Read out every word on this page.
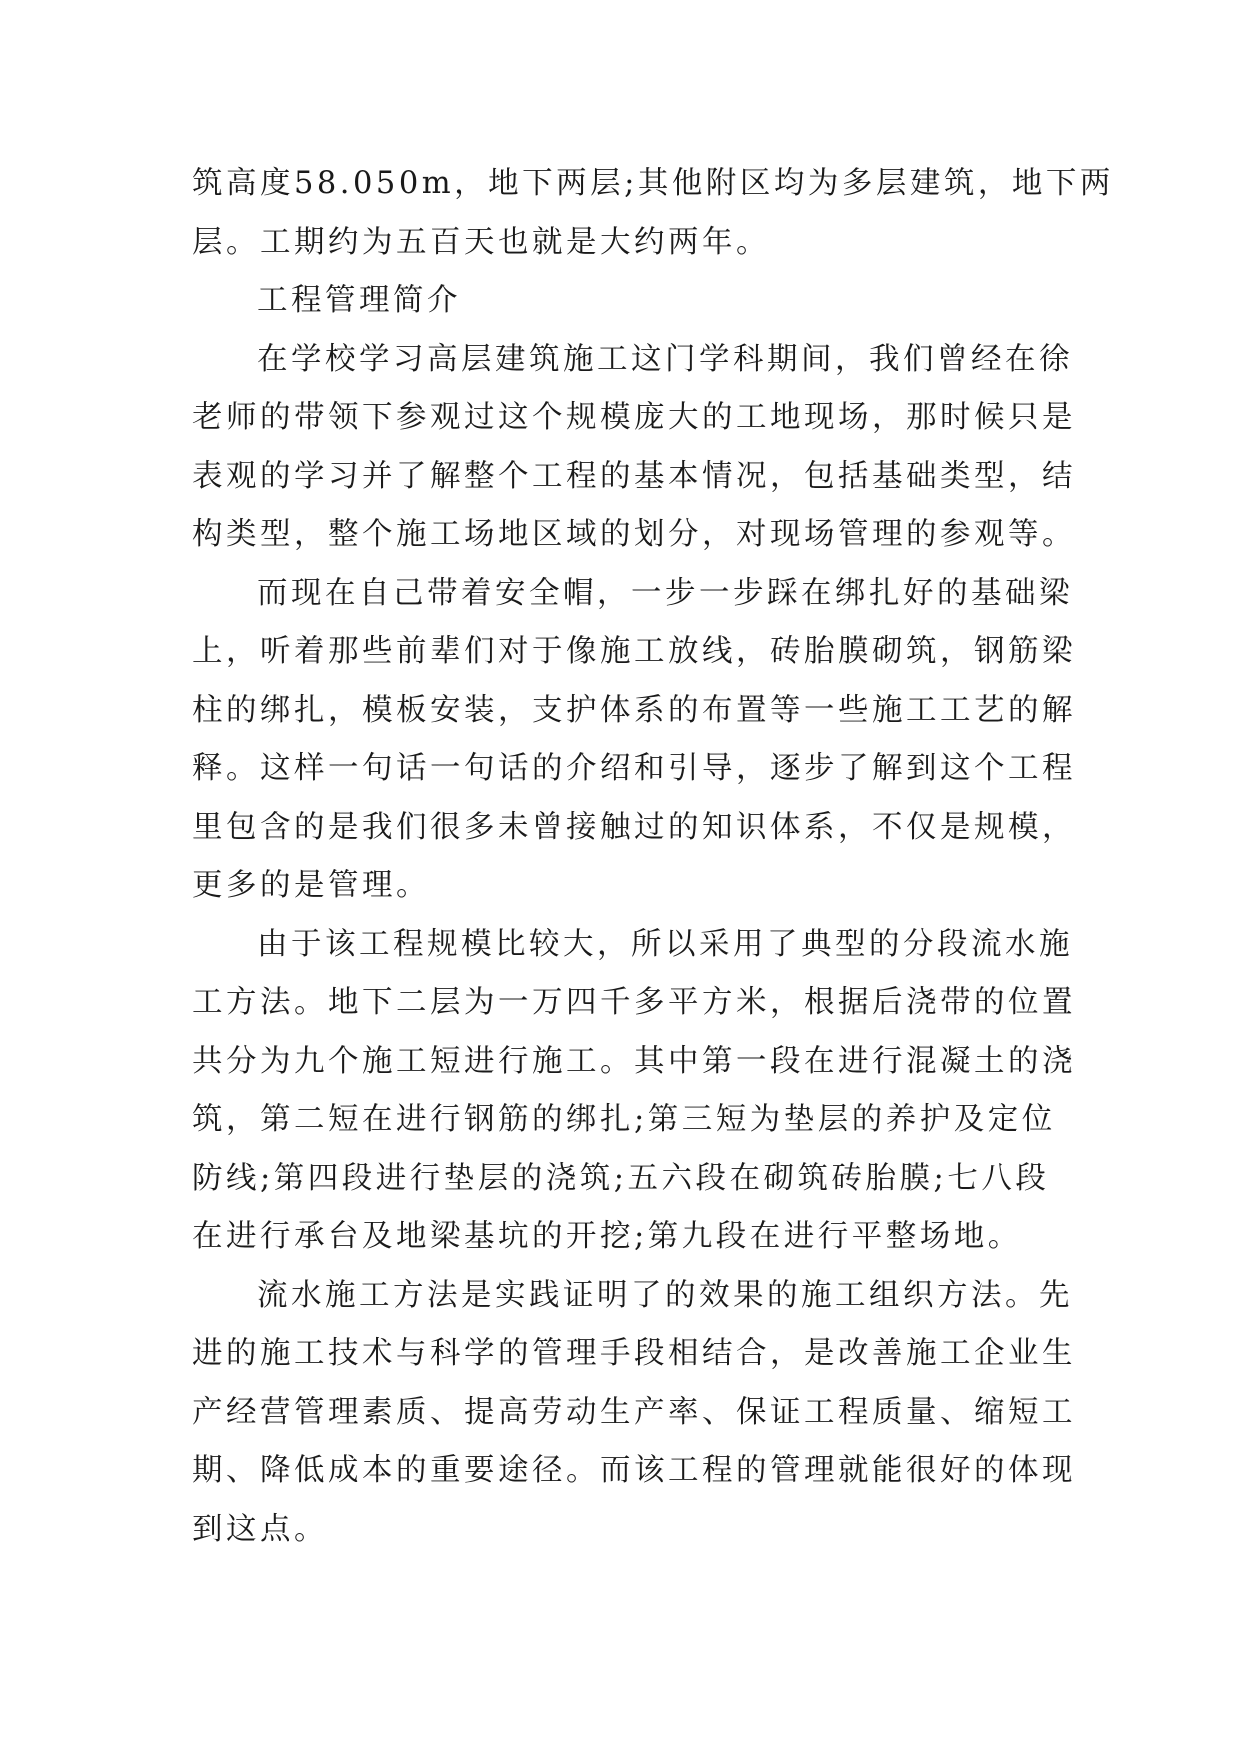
筑高度58.050m，地下两层;其他附区均为多层建筑，地下两
层。工期约为五百天也就是大约两年。
工程管理简介
在学校学习高层建筑施工这门学科期间，我们曾经在徐
老师的带领下参观过这个规模庞大的工地现场，那时候只是
表观的学习并了解整个工程的基本情况，包括基础类型，结
构类型，整个施工场地区域的划分，对现场管理的参观等。
而现在自己带着安全帽，一步一步踩在绑扎好的基础梁
上，听着那些前辈们对于像施工放线，砖胎膜砌筑，钢筋梁
柱的绑扎，模板安装，支护体系的布置等一些施工工艺的解
释。这样一句话一句话的介绍和引导，逐步了解到这个工程
里包含的是我们很多未曾接触过的知识体系，不仅是规模，
更多的是管理。
由于该工程规模比较大，所以采用了典型的分段流水施
工方法。地下二层为一万四千多平方米，根据后浇带的位置
共分为九个施工短进行施工。其中第一段在进行混凝土的浇
筑，第二短在进行钢筋的绑扎;第三短为垫层的养护及定位
防线;第四段进行垫层的浇筑;五六段在砌筑砖胎膜;七八段
在进行承台及地梁基坑的开挖;第九段在进行平整场地。
流水施工方法是实践证明了的效果的施工组织方法。先
进的施工技术与科学的管理手段相结合，是改善施工企业生
产经营管理素质、提高劳动生产率、保证工程质量、缩短工
期、降低成本的重要途径。而该工程的管理就能很好的体现
到这点。
